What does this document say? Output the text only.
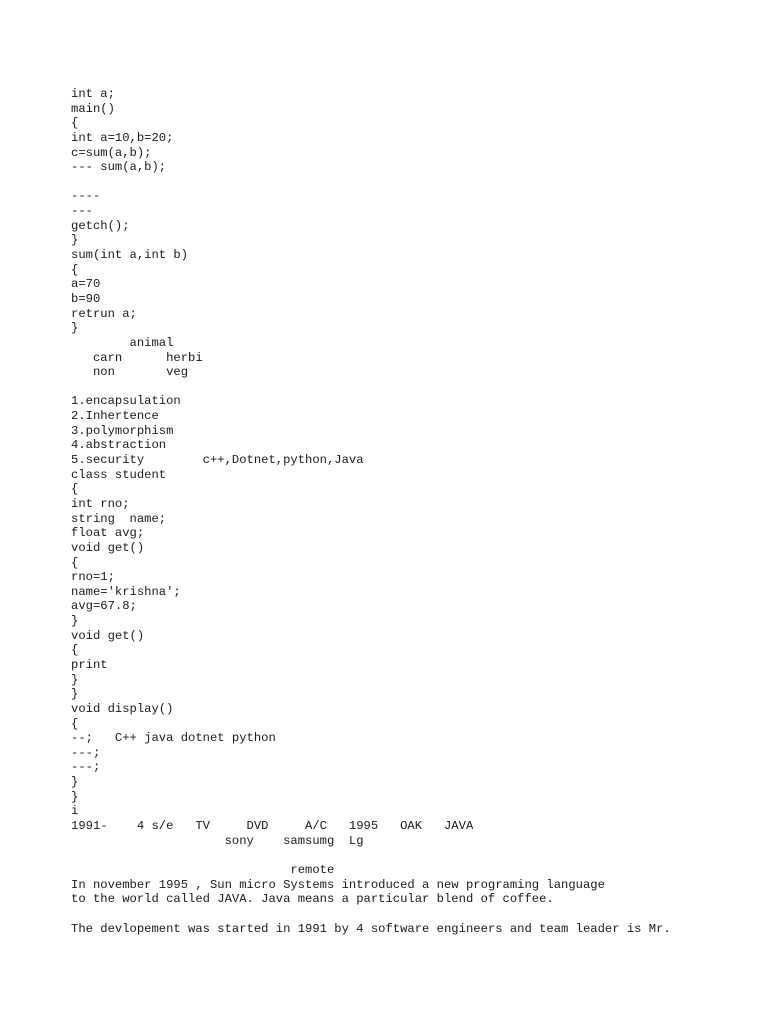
int a;
main()
{
int a=10,b=20;
c=sum(a,b);
--- sum(a,b);
----
---
getch();
}
sum(int a,int b)
{
a=70
b=90
retrun a;
}
animal
carn      herbi
non       veg
1.encapsulation
2.Inhertence
3.polymorphism
4.abstraction
5.security        c++,Dotnet,python,Java
class student
{
int rno;
string  name;
float avg;
void get()
{
rno=1;
name='krishna';
avg=67.8;
}
void get()
{
print
}
}
void display()
{
--;   C++ java dotnet python
---;
---;
}
}
i
1991-    4 s/e   TV     DVD     A/C   1995   OAK   JAVA
sony    samsumg  Lg
remote
In november 1995 , Sun micro Systems introduced a new programing language
to the world called JAVA. Java means a particular blend of coffee.
The devlopement was started in 1991 by 4 software engineers and team leader is Mr.
